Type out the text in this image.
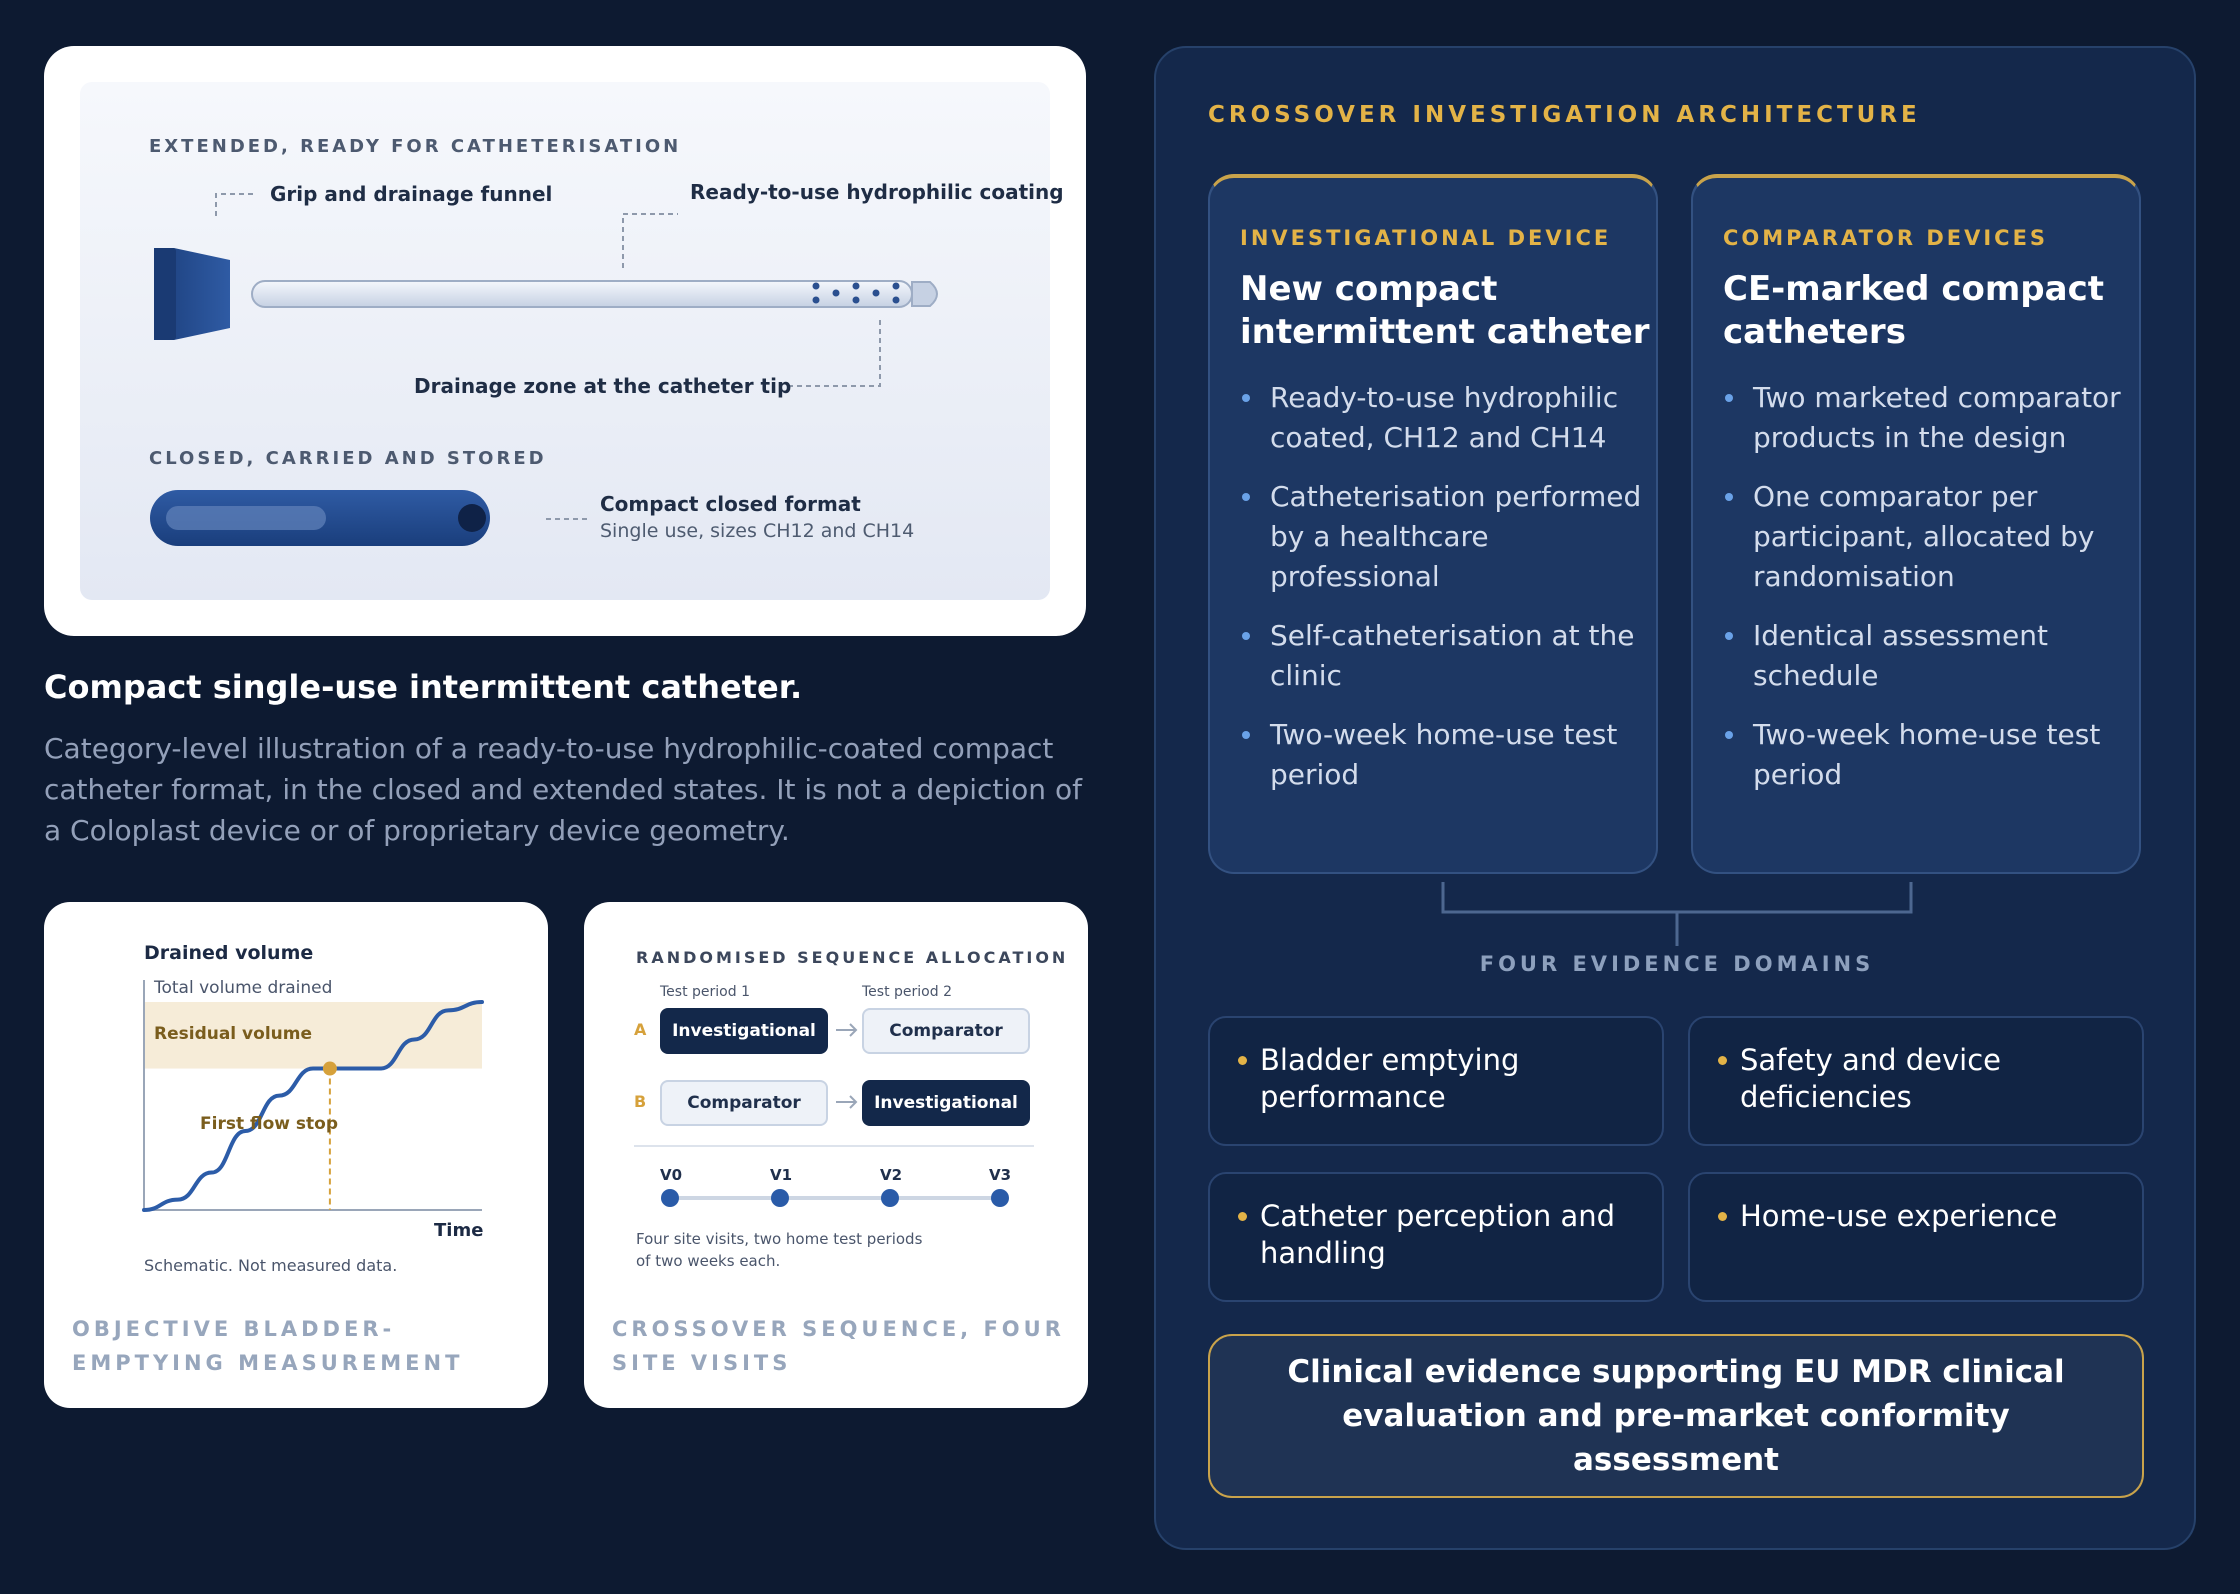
EXTENDED, READY FOR CATHETERISATION
Grip and drainage funnel	Ready-to-use hydrophilic coating
Drainage zone at the catheter tip
CLOSED, CARRIED AND STORED
Compact closed format
Single use, sizes CH12 and CH14
Compact single-use intermittent catheter.
Category-level illustration of a ready-to-use hydrophilic-coated compact catheter format, in the closed and extended states. It is not a depiction of a Coloplast device or of proprietary device geometry.
Drained volume
Total volume drained
Residual volume
First flow stop
Time
Schematic. Not measured data.
OBJECTIVE BLADDER-EMPTYING MEASUREMENT
RANDOMISED SEQUENCE ALLOCATION
Test period 1	Test period 2
A	Investigational	Comparator
B	Comparator	Investigational
V0	V1	V2	V3
Four site visits, two home test periods
of two weeks each.
CROSSOVER SEQUENCE, FOUR SITE VISITS
CROSSOVER INVESTIGATION ARCHITECTURE
INVESTIGATIONAL DEVICE
New compact intermittent catheter
Ready-to-use hydrophilic coated, CH12 and CH14
Catheterisation performed by a healthcare professional
Self-catheterisation at the clinic
Two-week home-use test period
COMPARATOR DEVICES
CE-marked compact catheters
Two marketed comparator products in the design
One comparator per participant, allocated by randomisation
Identical assessment schedule
Two-week home-use test period
FOUR EVIDENCE DOMAINS
Bladder emptying performance
Safety and device deficiencies
Catheter perception and handling
Home-use experience
Clinical evidence supporting EU MDR clinical evaluation and pre-market conformity assessment
